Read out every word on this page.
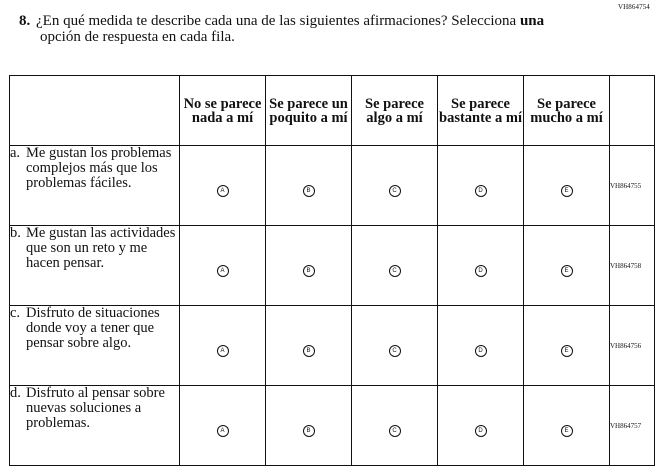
VH864754
8. ¿En qué medida te describe cada una de las siguientes afirmaciones? Selecciona una
opción de respuesta en cada fila.
	No se parece nada a mí	Se parece un poquito a mí	Se parece algo a mí	Se parece bastante a mí	Se parece mucho a mí	

a. Me gustan los problemas complejos más que los problemas fáciles.	A	B	C	D	E	VH864755

b. Me gustan las actividades que son un reto y me hacen pensar.	A	B	C	D	E	VH864758

c. Disfruto de situaciones donde voy a tener que pensar sobre algo.	A	B	C	D	E	VH864756

d. Disfruto al pensar sobre nuevas soluciones a problemas.	A	B	C	D	E	VH864757
